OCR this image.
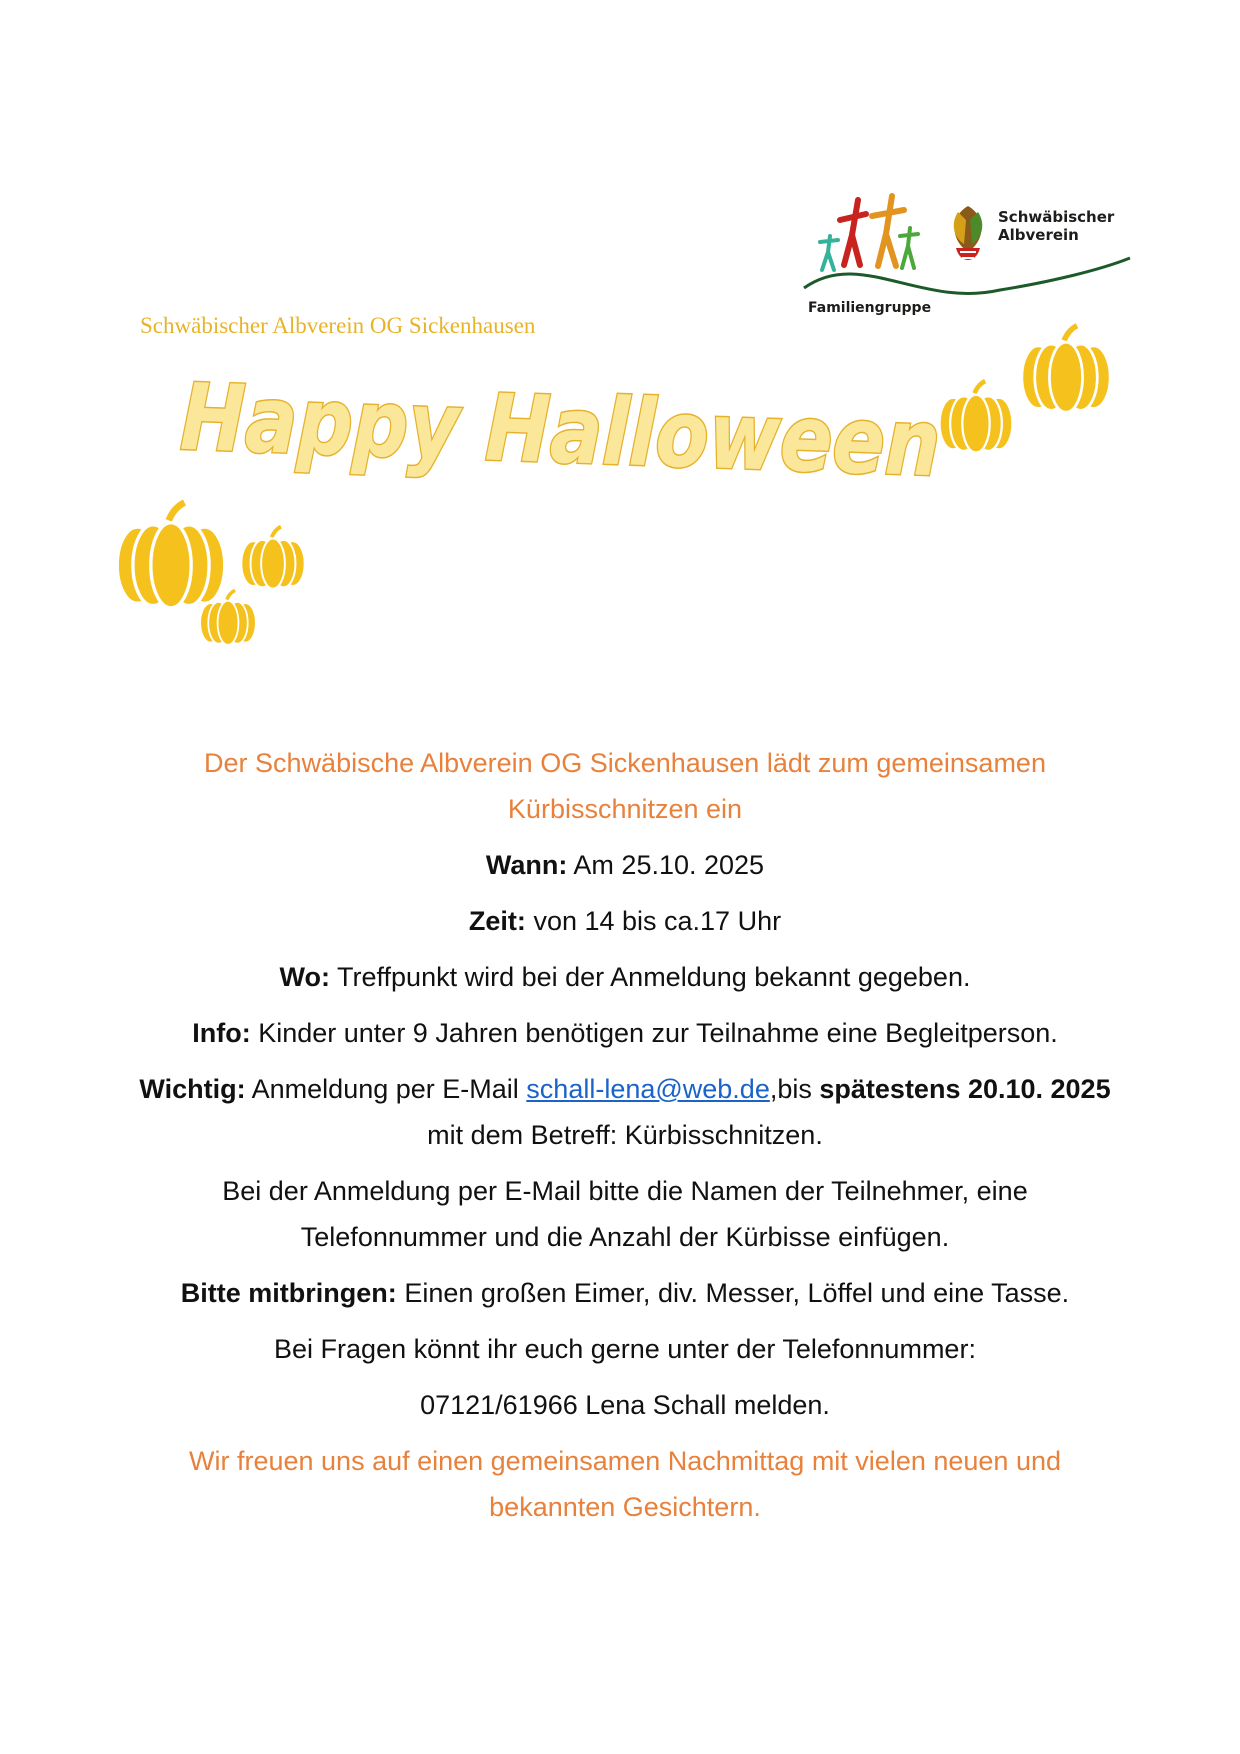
Schwäbischer
Albverein
Familiengruppe
Schwäbischer Albverein OG Sickenhausen
Happy Halloween

Der Schwäbische Albverein OG Sickenhausen lädt zum gemeinsamen

Kürbisschnitzen ein

Wann: Am 25.10. 2025

Zeit: von 14 bis ca.17 Uhr

Wo: Treffpunkt wird bei der Anmeldung bekannt gegeben.

Info: Kinder unter 9 Jahren benötigen zur Teilnahme eine Begleitperson.

Wichtig: Anmeldung per E-Mail schall-lena@web.de,bis spätestens 20.10. 2025

mit dem Betreff: Kürbisschnitzen.

Bei der Anmeldung per E-Mail bitte die Namen der Teilnehmer, eine

Telefonnummer und die Anzahl der Kürbisse einfügen.

Bitte mitbringen: Einen großen Eimer, div. Messer, Löffel und eine Tasse.

Bei Fragen könnt ihr euch gerne unter der Telefonnummer:

07121/61966 Lena Schall melden.

Wir freuen uns auf einen gemeinsamen Nachmittag mit vielen neuen und

bekannten Gesichtern.
